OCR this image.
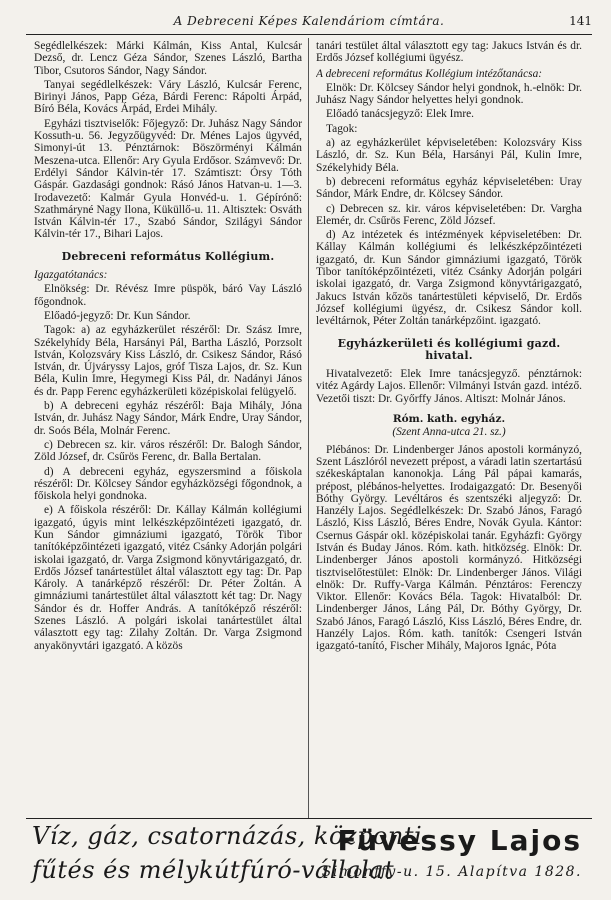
A Debreceni Képes Kalendáriom címtára.	141

Segédlelkészek: Márki Kálmán, Kiss Antal, Kulcsár Dezső, dr. Lencz Géza Sándor, Szenes László, Bartha Tibor, Csutoros Sándor, Nagy Sándor.

Tanyai segédlelkészek: Váry László, Kulcsár Ferenc, Birinyi János, Papp Géza, Bárdi Ferenc: Rápolti Árpád, Bíró Béla, Kovács Árpád, Erdei Mihály.

Egyházi tisztviselők: Főjegyző: Dr. Juhász Nagy Sándor Kossuth-u. 56. Jegyzőügyvéd: Dr. Ménes Lajos ügyvéd, Simonyi-út 13. Pénztárnok: Böszörményi Kálmán Meszena-utca. Ellenőr: Ary Gyula Erdősor. Számvevő: Dr. Erdélyi Sándor Kálvin-tér 17. Számtiszt: Órsy Tóth Gáspár. Gazdasági gondnok: Rásó János Hatvan-u. 1—3. Irodavezető: Kalmár Gyula Honvéd-u. 1. Gépírónő: Szathmáryné Nagy Ilona, Küküllő-u. 11. Altisztek: Osváth István Kálvin-tér 17., Szabó Sándor, Szilágyi Sándor Kálvin-tér 17., Bihari Lajos.

Debreceni református Kollégium.
Igazgatótanács:

Elnökség: Dr. Révész Imre püspök, báró Vay László főgondnok.

Előadó-jegyző: Dr. Kun Sándor.

Tagok: a) az egyházkerület részéről: Dr. Szász Imre, Székelyhídy Béla, Harsányi Pál, Bartha László, Porzsolt István, Kolozsváry Kiss László, dr. Csikesz Sándor, Rásó István, dr. Újváryssy Lajos, gróf Tisza Lajos, dr. Sz. Kun Béla, Kulin Imre, Hegymegi Kiss Pál, dr. Nadányi János és dr. Papp Ferenc egyházkerületi középiskolai felügyelő.

b) A debreceni egyház részéről: Baja Mihály, Jóna István, dr. Juhász Nagy Sándor, Márk Endre, Uray Sándor, dr. Soós Béla, Molnár Ferenc.

c) Debrecen sz. kir. város részéről: Dr. Balogh Sándor, Zöld József, dr. Csűrös Ferenc, dr. Balla Bertalan.

d) A debreceni egyház, egyszersmind a főiskola részéről: Dr. Kölcsey Sándor egyházközségi főgondnok, a főiskola helyi gondnoka.

e) A főiskola részéről: Dr. Kállay Kálmán kollégiumi igazgató, úgyis mint lelkészképzőintézeti igazgató, dr. Kun Sándor gimnáziumi igazgató, Török Tibor tanítóképzőintézeti igazgató, vitéz Csánky Adorján polgári iskolai igazgató, dr. Varga Zsigmond könyvtárigazgató, dr. Erdős József tanártestület által választott egy tag: Dr. Pap Károly. A tanárképző részéről: Dr. Péter Zoltán. A gimnáziumi tanártestület által választott két tag: Dr. Nagy Sándor és dr. Hoffer András. A tanítóképző részéről: Szenes László. A polgári iskolai tanártestület által választott egy tag: Zilahy Zoltán. Dr. Varga Zsigmond anyakönyvtári igazgató. A közös

tanári testület által választott egy tag: Jakucs István és dr. Erdős József kollégiumi ügyész.

A debreceni református Kollégium intézőtanácsa:

Elnök: Dr. Kölcsey Sándor helyi gondnok, h.-elnök: Dr. Juhász Nagy Sándor helyettes helyi gondnok.

Előadó tanácsjegyző: Elek Imre.

Tagok:

a) az egyházkerület képviseletében: Kolozsváry Kiss László, dr. Sz. Kun Béla, Harsányi Pál, Kulin Imre, Székelyhidy Béla.

b) debreceni református egyház képviseletében: Uray Sándor, Márk Endre, dr. Kölcsey Sándor.

c) Debrecen sz. kir. város képviseletében: Dr. Vargha Elemér, dr. Csűrös Ferenc, Zöld József.

d) Az intézetek és intézmények képviseletében: Dr. Kállay Kálmán kollégiumi és lelkészképzőintézeti igazgató, dr. Kun Sándor gimnáziumi igazgató, Török Tibor tanítóképzőintézeti, vitéz Csánky Adorján polgári iskolai igazgató, dr. Varga Zsigmond könyvtárigazgató, Jakucs István kőzös tanártestületi képviselő, Dr. Erdős József kollégiumi ügyész, dr. Csikesz Sándor koll. levéltárnok, Péter Zoltán tanárképzőint. igazgató.

Egyházkerületi és kollégiumi gazd. hivatal.

Hivatalvezető: Elek Imre tanácsjegyző. pénztárnok: vitéz Agárdy Lajos. Ellenőr: Vilmányi István gazd. intéző. Vezetői tiszt: Dr. Győrffy János. Altiszt: Molnár János.

Róm. kath. egyház.
(Szent Anna-utca 21. sz.)

Plébános: Dr. Lindenberger János apostoli kormányzó, Szent Lászlóról nevezett prépost, a váradi latin szertartású székeskáptalan kanonokja. Láng Pál pápai kamarás, prépost, plébános-helyettes. Irodaigazgató: Dr. Besenyői Bóthy György. Levéltáros és szentszéki aljegyző: Dr. Hanzély Lajos. Segédlelkészek: Dr. Szabó János, Faragó László, Kiss László, Béres Endre, Novák Gyula. Kántor: Csernus Gáspár okl. középiskolai tanár. Egyházfi: György István és Buday János. Róm. kath. hitközség. Elnök: Dr. Lindenberger János apostoli kormányzó. Hitközségi tisztviselőtestület: Elnök: Dr. Lindenberger János. Világi elnök: Dr. Ruffy-Varga Kálmán. Pénztáros: Ferenczy Viktor. Ellenőr: Kovács Béla. Tagok: Hivatalból: Dr. Lindenberger János, Láng Pál, Dr. Bóthy György, Dr. Szabó János, Faragó László, Kiss László, Béres Endre, dr. Hanzély Lajos. Róm. kath. tanítók: Csengeri István igazgató-tanító, Fischer Mihály, Majoros Ignác, Póta

Víz, gáz, csatornázás, központi
fűtés és mélykútfúró-vállalat
Füvessy Lajos
Simonffy-u. 15. Alapítva 1828.
